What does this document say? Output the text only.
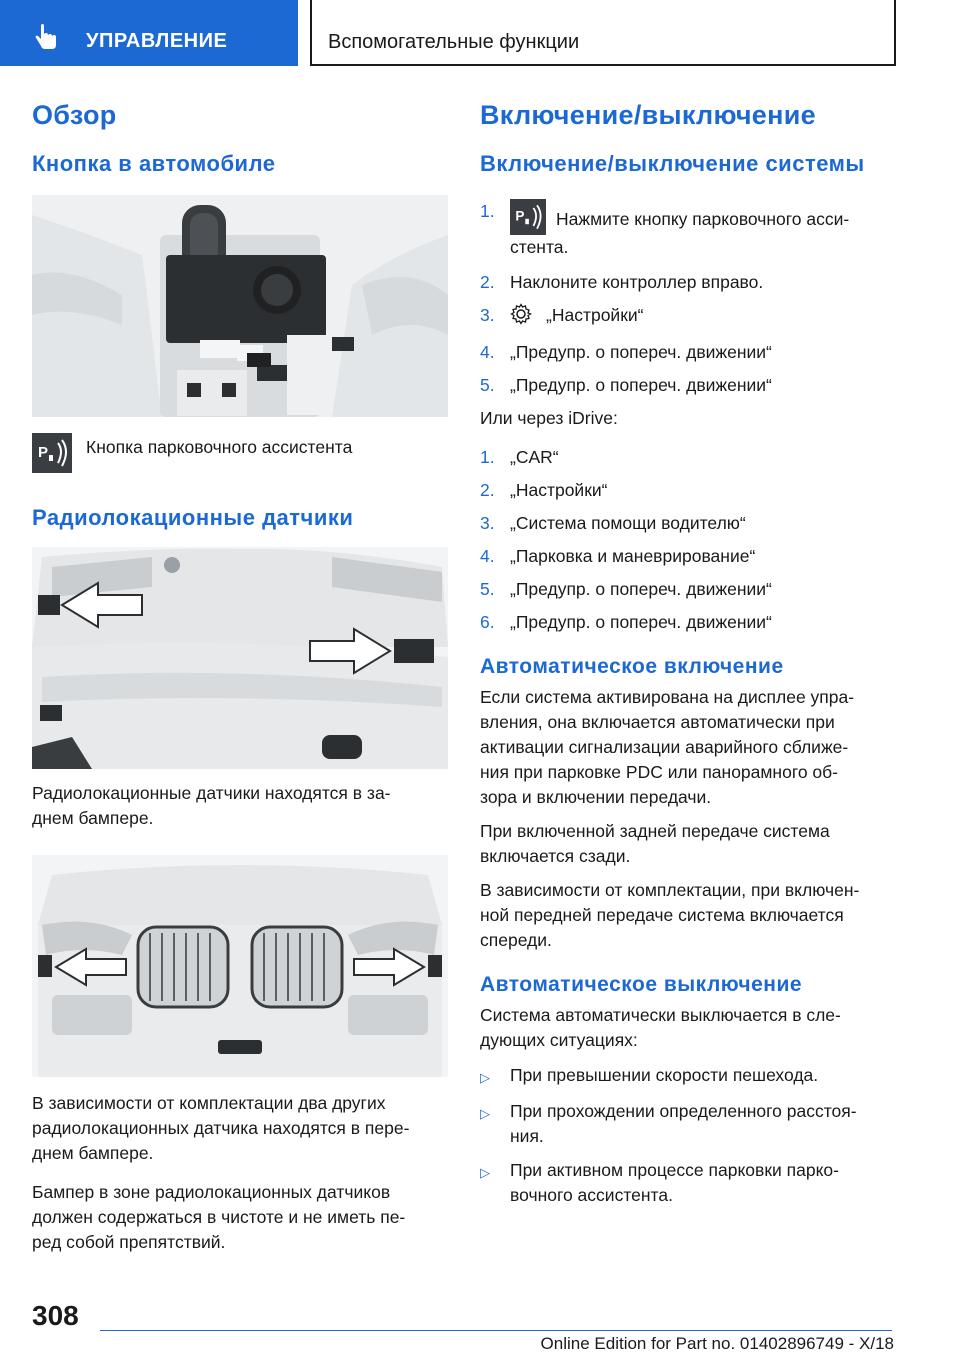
УПРАВЛЕНИЕ	Вспомогательные функции
Обзор
Кнопка в автомобиле
P Кнопка парковочного ассистента
Радиолокационные датчики

Радиолокационные датчики находятся в за-
днем бампере.

В зависимости от комплектации два других
радиолокационных датчика находятся в пере-
днем бампере.

Бампер в зоне радиолокационных датчиков
должен содержаться в чистоте и не иметь пе-
ред собой препятствий.

Включение/выключение
Включение/выключение системы
1.	P Нажмите кнопку парковочного асси-
стента.
2. Наклоните контроллер вправо.
3.	„Настройки“
4. „Предупр. о попереч. движении“
5. „Предупр. о попереч. движении“

Или через iDrive:

1. „CAR“
2. „Настройки“
3. „Система помощи водителю“
4. „Парковка и маневрирование“
5. „Предупр. о попереч. движении“
6. „Предупр. о попереч. движении“
Автоматическое включение

Если система активирована на дисплее упра-
вления, она включается автоматически при
активации сигнализации аварийного сближе-
ния при парковке PDC или панорамного об-
зора и включении передачи.

При включенной задней передаче система
включается сзади.

В зависимости от комплектации, при включен-
ной передней передаче система включается
спереди.

Автоматическое выключение

Система автоматически выключается в сле-
дующих ситуациях:

▷	При превышении скорости пешехода.
▷	При прохождении определенного расстоя-
ния.
▷	При активном процессе парковки парко-
вочного ассистента.
308
Online Edition for Part no. 01402896749 - X/18
